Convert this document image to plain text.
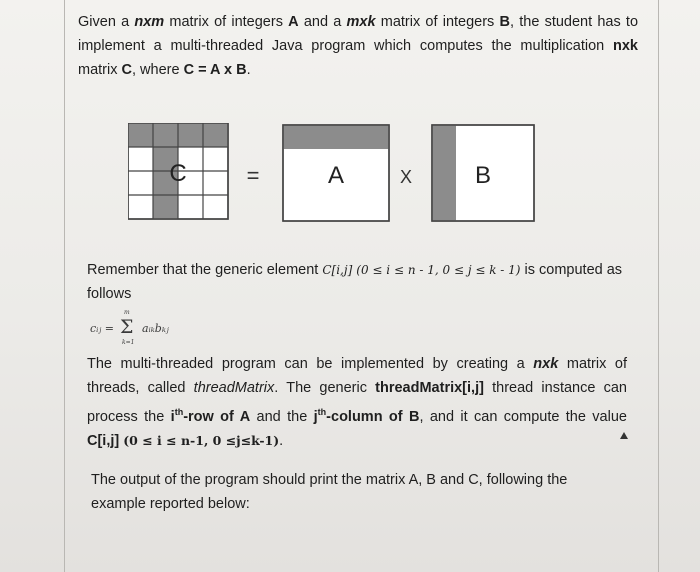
Given a nxm matrix of integers A and a mxk matrix of integers B, the student has to implement a multi-threaded Java program which computes the multiplication nxk matrix C, where C = A x B.

C	=	A	X	B

Remember that the generic element C[i,j] (0 ≤ i ≤ n - 1, 0 ≤ j ≤ k - 1) is computed as follows

cᵢⱼ =
m
Σ
k=1
aᵢₖbₖⱼ

The multi-threaded program can be implemented by creating a nxk matrix of threads, called threadMatrix. The generic threadMatrix[i,j] thread instance can process the $i^{th}$-row of A and the $j^{th}$-column of B, and it can compute the value C[i,j] (0 ≤ i ≤ n-1, 0 ≤j≤k-1).

The output of the program should print the matrix A, B and C, following the example reported below:
